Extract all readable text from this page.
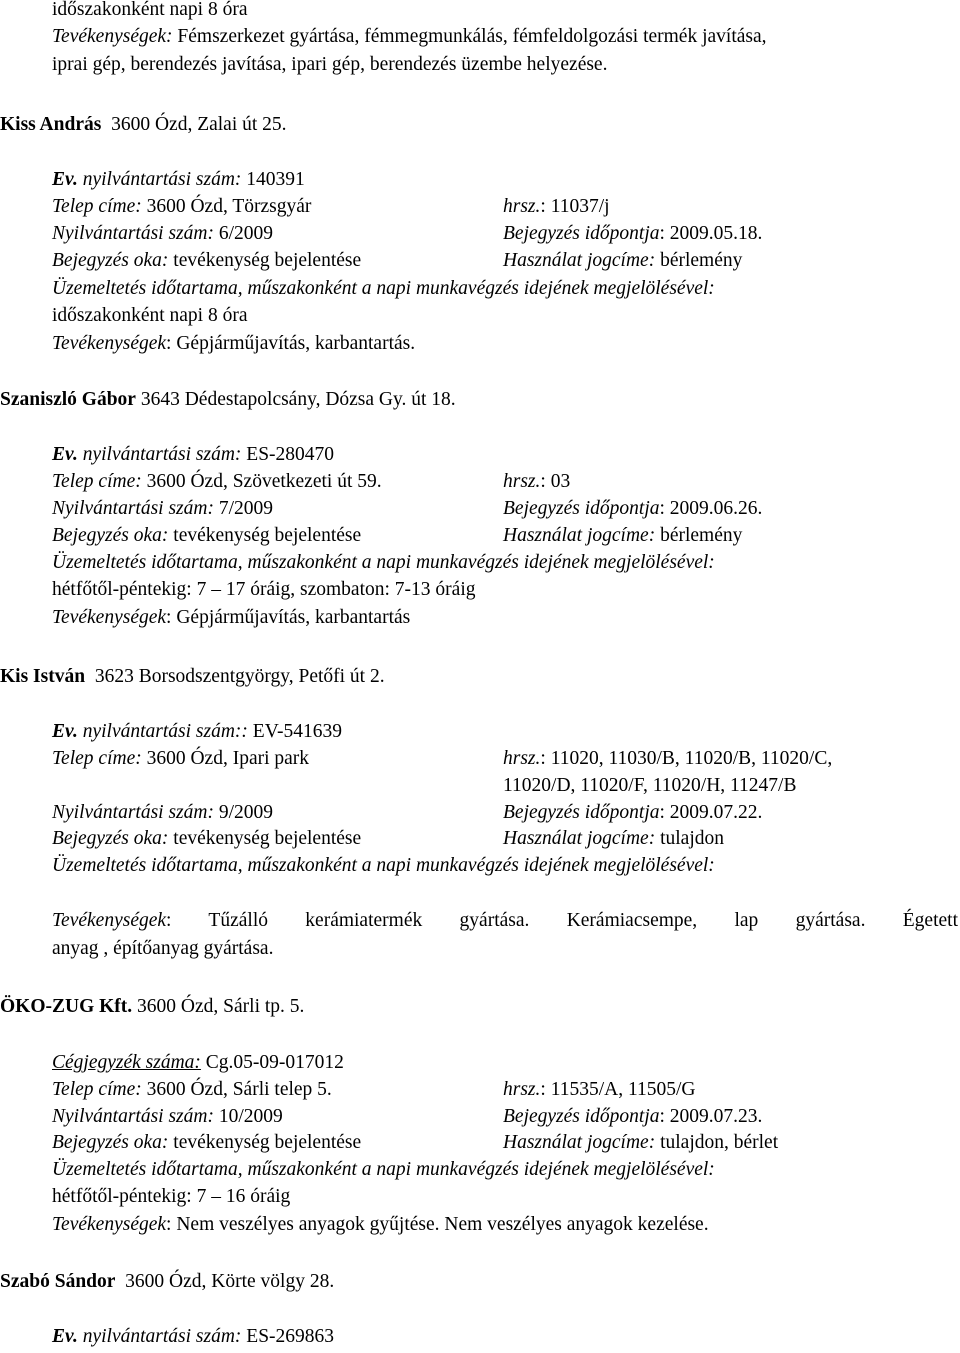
időszakonként napi 8 óra
Tevékenységek: Fémszerkezet gyártása, fémmegmunkálás, fémfeldolgozási termék javítása,
iprai gép, berendezés javítása, ipari gép, berendezés üzembe helyezése.
Kiss András  3600 Ózd, Zalai út 25.
Ev. nyilvántartási szám: 140391
Telep címe: 3600 Ózd, Törzsgyár	hrsz.: 11037/j
Nyilvántartási szám: 6/2009	Bejegyzés időpontja: 2009.05.18.
Bejegyzés oka: tevékenység bejelentése	Használat jogcíme: bérlemény
Üzemeltetés időtartama, műszakonként a napi munkavégzés idejének megjelölésével:
időszakonként napi 8 óra
Tevékenységek: Gépjárműjavítás, karbantartás.
Szaniszló Gábor 3643 Dédestapolcsány, Dózsa Gy. út 18.
Ev. nyilvántartási szám: ES-280470
Telep címe: 3600 Ózd, Szövetkezeti út 59.	hrsz.: 03
Nyilvántartási szám: 7/2009	Bejegyzés időpontja: 2009.06.26.
Bejegyzés oka: tevékenység bejelentése	Használat jogcíme: bérlemény
Üzemeltetés időtartama, műszakonként a napi munkavégzés idejének megjelölésével:
hétfőtől-péntekig: 7 – 17 óráig, szombaton: 7-13 óráig
Tevékenységek: Gépjárműjavítás, karbantartás
Kis István  3623 Borsodszentgyörgy, Petőfi út 2.
Ev. nyilvántartási szám:: EV-541639
Telep címe: 3600 Ózd, Ipari park	hrsz.: 11020, 11030/B, 11020/B, 11020/C,
11020/D, 11020/F, 11020/H, 11247/B
Nyilvántartási szám: 9/2009	Bejegyzés időpontja: 2009.07.22.
Bejegyzés oka: tevékenység bejelentése	Használat jogcíme: tulajdon
Üzemeltetés időtartama, műszakonként a napi munkavégzés idejének megjelölésével:
Tevékenységek: Tűzálló kerámiatermék gyártása. Kerámiacsempe, lap gyártása. Égetett
anyag , építőanyag gyártása.
ÖKO-ZUG Kft. 3600 Ózd, Sárli tp. 5.
Cégjegyzék száma: Cg.05-09-017012
Telep címe: 3600 Ózd, Sárli telep 5.	hrsz.: 11535/A, 11505/G
Nyilvántartási szám: 10/2009	Bejegyzés időpontja: 2009.07.23.
Bejegyzés oka: tevékenység bejelentése	Használat jogcíme: tulajdon, bérlet
Üzemeltetés időtartama, műszakonként a napi munkavégzés idejének megjelölésével:
hétfőtől-péntekig: 7 – 16 óráig
Tevékenységek: Nem veszélyes anyagok gyűjtése. Nem veszélyes anyagok kezelése.
Szabó Sándor  3600 Ózd, Körte völgy 28.
Ev. nyilvántartási szám: ES-269863
